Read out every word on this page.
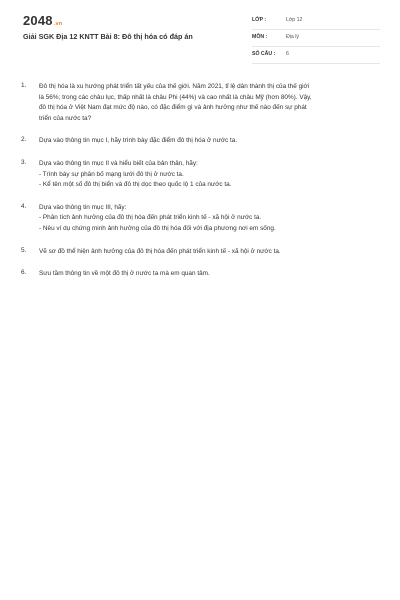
2048.vn
Giải SGK Địa 12 KNTT Bài 8: Đô thị hóa có đáp án
LỚP :	Lớp 12
MÔN :	Địa lý
SỐ CÂU : 6
1. Đô thị hóa là xu hướng phát triển tất yếu của thế giới. Năm 2021, tỉ lệ dân thành thị của thế giới
là 56%; trong các châu lục, thấp nhất là châu Phi (44%) và cao nhất là châu Mỹ (hơn 80%). Vậy,
đô thị hóa ở Việt Nam đạt mức độ nào, có đặc điểm gì và ảnh hưởng như thế nào đến sự phát
triển của nước ta?
2. Dựa vào thông tin mục I, hãy trình bày đặc điểm đô thị hóa ở nước ta.
3. Dựa vào thông tin mục II và hiểu biết của bản thân, hãy:
- Trình bày sự phân bố mạng lưới đô thị ở nước ta.
- Kể tên một số đô thị biển và đô thị dọc theo quốc lộ 1 của nước ta.
4. Dựa vào thông tin mục III, hãy:
- Phân tích ảnh hưởng của đô thị hóa đến phát triển kinh tế - xã hội ở nước ta.
- Nêu ví dụ chứng minh ảnh hưởng của đô thị hóa đối với địa phương nơi em sống.
5. Vẽ sơ đồ thể hiện ảnh hưởng của đô thị hóa đến phát triển kinh tế - xã hội ở nước ta.
6. Sưu tầm thông tin về một đô thị ở nước ta mà em quan tâm.
